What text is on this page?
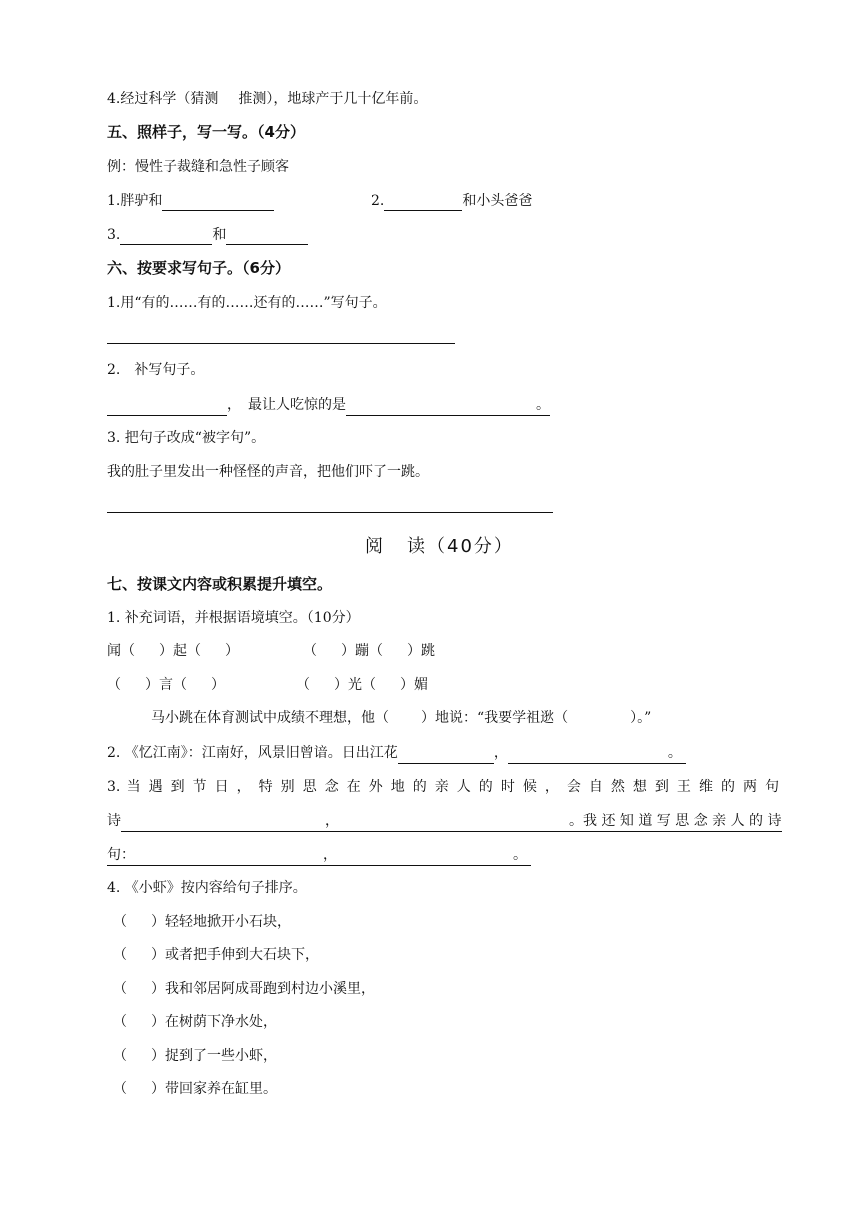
4.经过科学（猜测 推测），地球产于几十亿年前。
五、照样子，写一写。（4分）
例：慢性子裁缝和急性子顾客
1.胖驴和	2.	和小头爸爸
3.	和
六、按要求写句子。（6分）
1.用“有的……有的……还有的……”写句子。
2.　补写句子。
，　最让人吃惊的是	。
3. 把句子改成“被字句”。
我的肚子里发出一种怪怪的声音，把他们吓了一跳。
阅 读（40分）
七、按课文内容或积累提升填空。
1. 补充词语，并根据语境填空。（10分）
闻（ ）起（ ）	（ ）蹦（ ）跳
（ ）言（ ）	（ ）光（ ）媚
马小跳在体育测试中成绩不理想，他（ ）地说：“我要学祖逖（	）。”
2. 《忆江南》：江南好，风景旧曾谙。日出江花	，	。
3. 当 遇 到 节 日 ， 特 别 思 念 在 外 地 的 亲 人 的 时 候 ， 会 自 然 想 到 王 维 的 两 句
诗	，	。我 还 知 道 写 思 念 亲 人 的 诗
句：	，	。
4. 《小虾》按内容给句子排序。
（ ）轻轻地掀开小石块，
（ ）或者把手伸到大石块下，
（ ）我和邻居阿成哥跑到村边小溪里，
（ ）在树荫下净水处，
（ ）捉到了一些小虾，
（ ）带回家养在缸里。
